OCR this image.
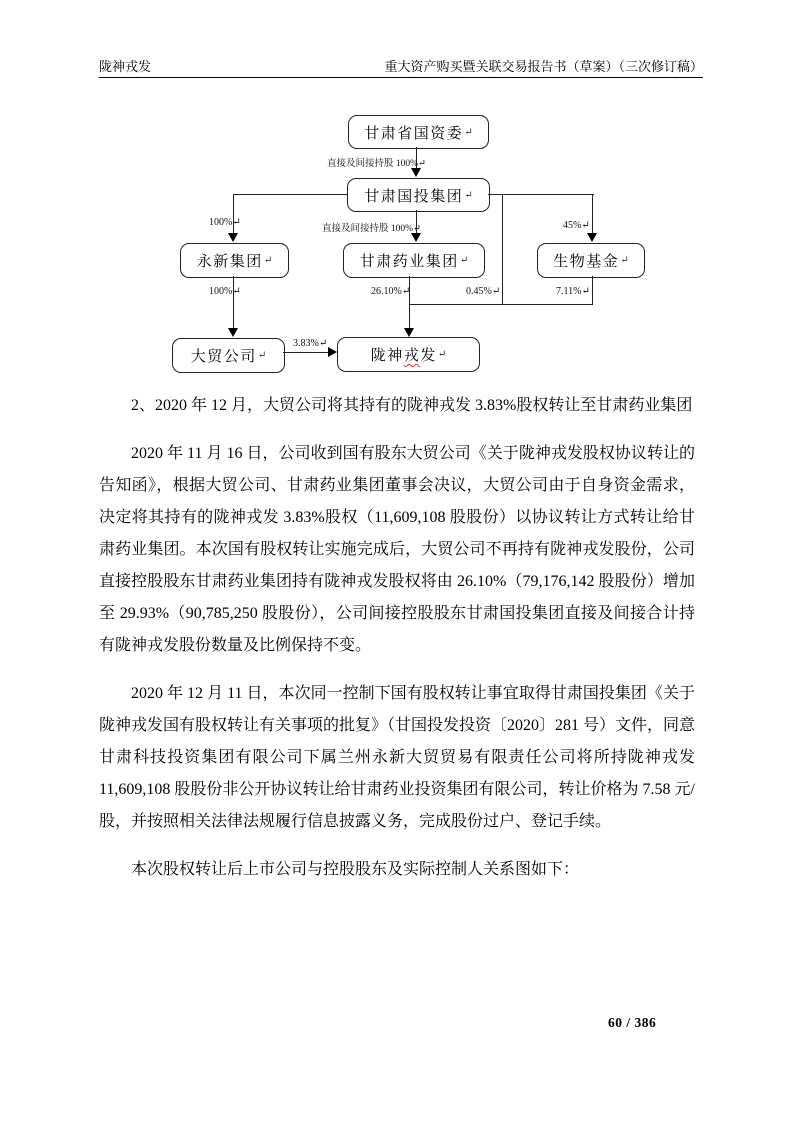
陇神戎发	重大资产购买暨关联交易报告书（草案）（三次修订稿）
甘肃省国资委 ↵
甘肃国投集团 ↵
永新集团 ↵	甘肃药业集团 ↵	生物基金 ↵
大贸公司 ↵	陇神 戎 发 ↵
直接及间接持股 100%↵
100%↵
直接及间接持股 100%↵	45%↵
0.45%↵
100%↵	26.10%↵	7.11%↵
3.83%↵

2、2020 年 12 月，大贸公司将其持有的陇神戎发 3.83%股权转让至甘肃药业集团

2020 年 11 月 16 日，公司收到国有股东大贸公司《关于陇神戎发股权协议转让的告知函》，根据大贸公司、甘肃药业集团董事会决议，大贸公司由于自身资金需求，决定将其持有的陇神戎发 3.83%股权（11,609,108 股股份）以协议转让方式转让给甘肃药业集团。本次国有股权转让实施完成后，大贸公司不再持有陇神戎发股份，公司直接控股股东甘肃药业集团持有陇神戎发股权将由 26.10%（79,176,142 股股份）增加至 29.93%（90,785,250 股股份），公司间接控股股东甘肃国投集团直接及间接合计持有陇神戎发股份数量及比例保持不变。

2020 年 12 月 11 日，本次同一控制下国有股权转让事宜取得甘肃国投集团《关于陇神戎发国有股权转让有关事项的批复》（甘国投发投资〔2020〕281 号）文件，同意甘肃科技投资集团有限公司下属兰州永新大贸贸易有限责任公司将所持陇神戎发 11,609,108 股股份非公开协议转让给甘肃药业投资集团有限公司，转让价格为 7.58 元/股，并按照相关法律法规履行信息披露义务，完成股份过户、登记手续。

本次股权转让后上市公司与控股股东及实际控制人关系图如下：

60 / 386
